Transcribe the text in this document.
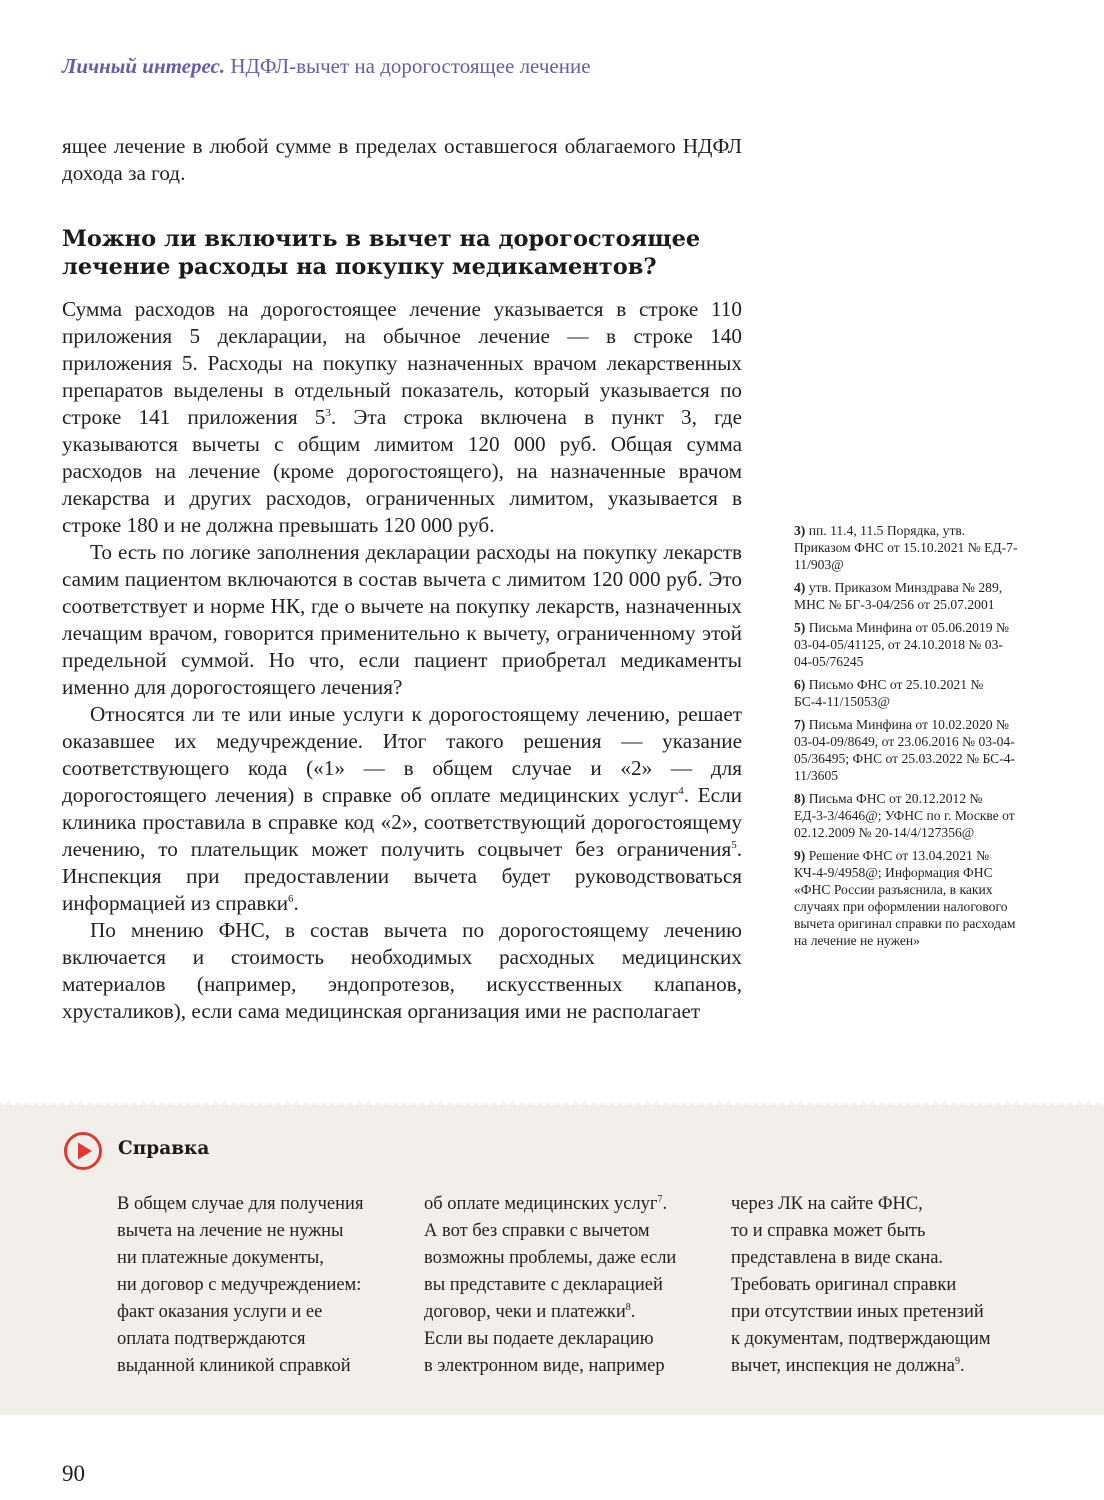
Личный интерес. НДФЛ-вычет на дорогостоящее лечение

ящее лечение в любой сумме в пределах оставшегося облагаемого НДФЛ дохода за год.

Можно ли включить в вычет на дорогостоящее лечение расходы на покупку медикаментов?

Сумма расходов на дорогостоящее лечение указывается в строке 110 приложения 5 декларации, на обычное лечение — в строке 140 приложения 5. Расходы на покупку назначенных врачом лекарственных препаратов выделены в отдельный показатель, который указывается по строке 141 приложения $5^3$. Эта строка включена в пункт 3, где указываются вычеты с общим лимитом 120 000 руб. Общая сумма расходов на лечение (кроме дорогостоящего), на назначенные врачом лекарства и других расходов, ограниченных лимитом, указывается в строке 180 и не должна превышать 120 000 руб.

То есть по логике заполнения декларации расходы на покупку лекарств самим пациентом включаются в состав вычета с лимитом 120 000 руб. Это соответствует и норме НК, где о вычете на покупку лекарств, назначенных лечащим врачом, говорится применительно к вычету, ограниченному этой предельной суммой. Но что, если пациент приобретал медикаменты именно для дорогостоящего лечения?

Относятся ли те или иные услуги к дорогостоящему лечению, решает оказавшее их медучреждение. Итог такого решения — указание соответствующего кода («1» — в общем случае и «2» — для дорогостоящего лечения) в справке об оплате медицинских услуг$^4$. Если клиника проставила в справке код «2», соответствующий дорогостоящему лечению, то плательщик может получить соцвычет без ограничения$^5$. Инспекция при предоставлении вычета будет руководствоваться информацией из справки$^6$.

По мнению ФНС, в состав вычета по дорогостоящему лечению включается и стоимость необходимых расходных медицинских материалов (например, эндопротезов, искусственных клапанов, хрусталиков), если сама медицинская организация ими не располагает

3) пп. 11.4, 11.5 Порядка, утв. Приказом ФНС от 15.10.2021 № ЕД-7-11/903@
4) утв. Приказом Минздрава № 289, МНС № БГ-3-04/256 от 25.07.2001
5) Письма Минфина от 05.06.2019 № 03-04-05/41125, от 24.10.2018 № 03-04-05/76245
6) Письмо ФНС от 25.10.2021 № БС-4-11/15053@
7) Письма Минфина от 10.02.2020 № 03-04-09/8649, от 23.06.2016 № 03-04-05/36495; ФНС от 25.03.2022 № БС-4-11/3605
8) Письма ФНС от 20.12.2012 № ЕД-3-3/4646@; УФНС по г. Москве от 02.12.2009 № 20-14/4/127356@
9) Решение ФНС от 13.04.2021 № КЧ-4-9/4958@; Информация ФНС «ФНС России разъяснила, в каких случаях при оформлении налогового вычета оригинал справки по расходам на лечение не нужен»
Справка
В общем случае для получения
вычета на лечение не нужны
ни платежные документы,
ни договор с медучреждением:
факт оказания услуги и ее
оплата подтверждаются
выданной клиникой справкой
об оплате медицинских услуг$^7$.
А вот без справки с вычетом
возможны проблемы, даже если
вы представите с декларацией
договор, чеки и платежки$^8$.
Если вы подаете декларацию
в электронном виде, например
через ЛК на сайте ФНС,
то и справка может быть
представлена в виде скана.
Требовать оригинал справки
при отсутствии иных претензий
к документам, подтверждающим
вычет, инспекция не должна$^9$.
90
